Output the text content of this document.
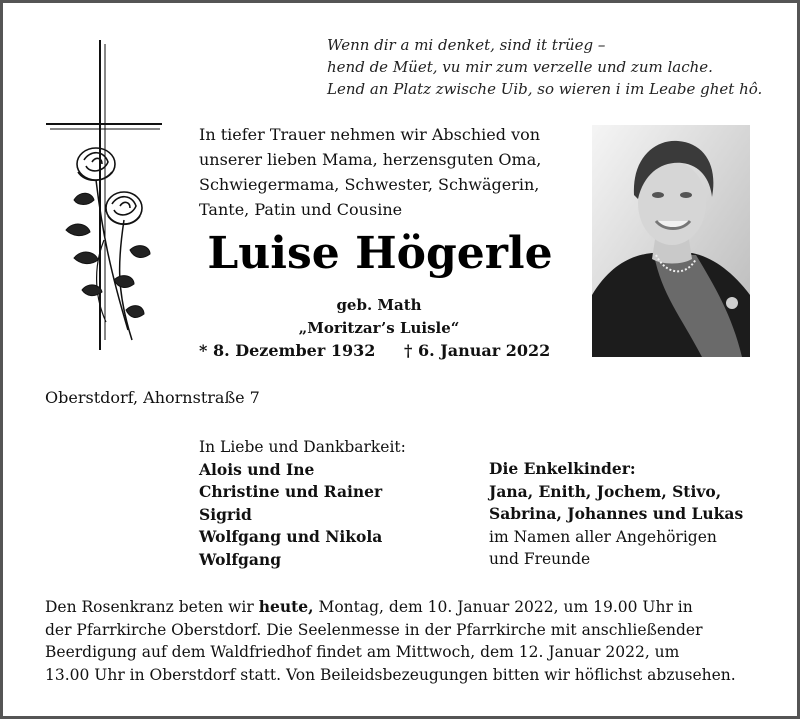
Wenn dir a mi denket, sind it trüeg –
hend de Müet, vu mir zum verzelle und zum lache.
Lend an Platz zwische Uib, so wieren i im Leabe ghet hô.
In tiefer Trauer nehmen wir Abschied von
unserer lieben Mama, herzensguten Oma,
Schwiegermama, Schwester, Schwägerin,
Tante, Patin und Cousine
Luise Högerle
geb. Math
„Moritzar’s Luisle“
* 8. Dezember 1932 † 6. Januar 2022
Oberstdorf, Ahornstraße 7
In Liebe und Dankbarkeit:
Alois und Ine
Christine und Rainer
Sigrid
Wolfgang und Nikola
Wolfgang
Die Enkelkinder:
Jana, Enith, Jochem, Stivo,
Sabrina, Johannes und Lukas
im Namen aller Angehörigen
und Freunde
Den Rosenkranz beten wir heute, Montag, dem 10. Januar 2022, um 19.00 Uhr in
der Pfarrkirche Oberstdorf. Die Seelenmesse in der Pfarrkirche mit anschließender
Beerdigung auf dem Waldfriedhof findet am Mittwoch, dem 12. Januar 2022, um
13.00 Uhr in Oberstdorf statt. Von Beileidsbezeugungen bitten wir höflichst abzusehen.
